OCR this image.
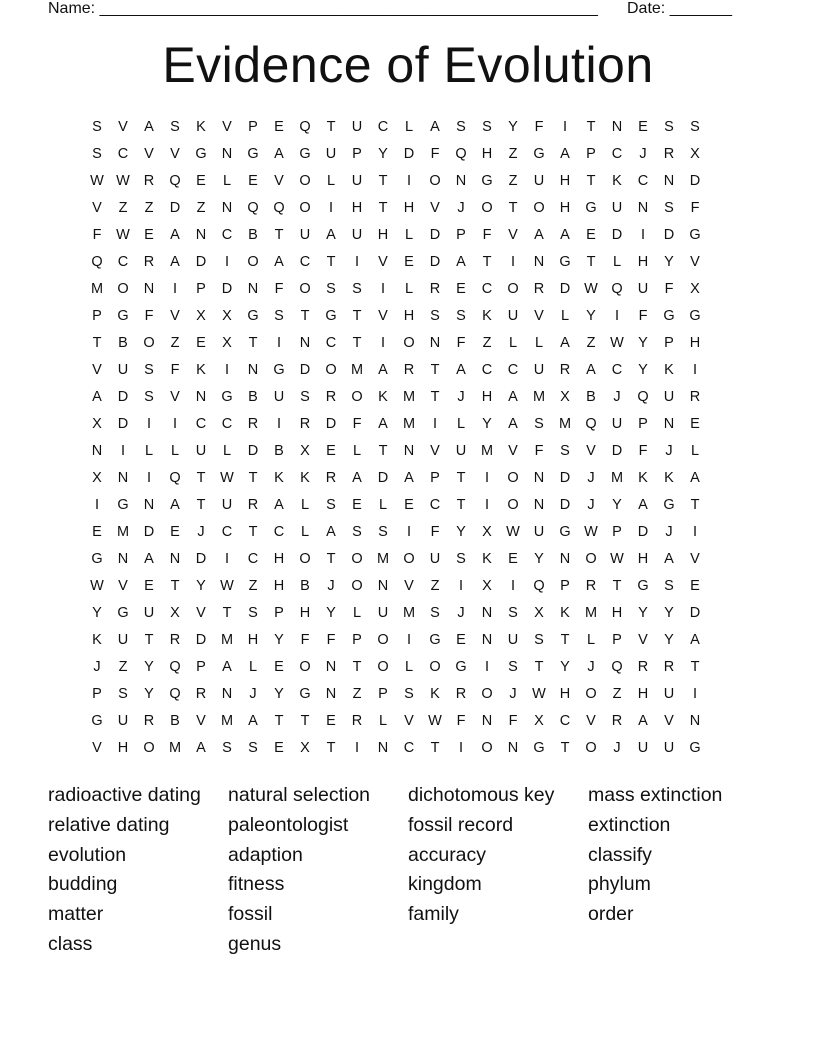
Name: ________________________________________________________ Date: _______
Evidence of Evolution
S	V	A	S	K	V	P	E	Q	T	U	C	L	A	S	S	Y	F	I	T	N	E	S	S
S	C	V	V	G	N	G	A	G	U	P	Y	D	F	Q	H	Z	G	A	P	C	J	R	X
W W R	Q	E	L	E	V	O	L	U	T	I	O	N	G	Z	U	H	T	K	C	N	D
V	Z	Z	D	Z	N	Q	Q	O	I	H	T	H	V	J	O	T	O	H	G	U	N	S	F
F	W E	A	N	C	B	T	U	A	U	H	L	D	P	F	V	A	A	E	D	I	D	G
Q	C	R	A	D	I	O	A	C	T	I	V	E	D	A	T	I	N	G	T	L	H	Y	V
M O	N	I	P	D	N	F	O	S	S	I	L	R	E	C	O	R	D W Q	U	F	X
P	G	F	V	X	X	G	S	T	G	T	V	H	S	S	K	U	V	L	Y	I	F	G	G
T	B	O	Z	E	X	T	I	N	C	T	I	O	N	F	Z	L	L	A	Z	W Y	P	H
V	U	S	F	K	I	N	G	D	O M	A	R	T	A	C	C	U	R	A	C	Y	K	I
A	D	S	V	N	G	B	U	S	R	O	K	M	T	J	H	A	M	X	B	J	Q	U	R
X	D	I	I	C	C	R	I	R	D	F	A	M	I	L	Y	A	S	M Q	U	P	N	E
N	I	L	L	U	L	D	B	X	E	L	T	N	V	U	M	V	F	S	V	D	F	J	L
X	N	I	Q	T	W	T	K	K	R	A	D	A	P	T	I	O	N	D	J	M	K	K	A
I	G	N	A	T	U	R	A	L	S	E	L	E	C	T	I	O	N	D	J	Y	A	G	T
E	M	D	E	J	C	T	C	L	A	S	S	I	F	Y	X W U	G W P	D	J	I
G	N	A	N	D	I	C	H	O	T	O M O	U	S	K	E	Y	N	O W H	A	V
W V	E	T	Y W	Z	H	B	J	O	N	V	Z	I	X	I	Q	P	R	T	G	S	E
Y	G	U	X	V	T	S	P	H	Y	L	U	M	S	J	N	S	X	K	M	H	Y	Y	D
K	U	T	R	D	M	H	Y	F	F	P	O	I	G	E	N	U	S	T	L	P	V	Y	A
J	Z	Y	Q	P	A	L	E	O	N	T	O	L	O	G	I	S	T	Y	J	Q	R	R	T
P	S	Y	Q	R	N	J	Y	G	N	Z	P	S	K	R	O	J	W H	O	Z	H	U	I
G	U	R	B	V	M	A	T	T	E	R	L	V W	F	N	F	X	C	V	R	A	V	N
V	H	O M	A	S	S	E	X	T	I	N	C	T	I	O	N	G	T	O	J	U	U	G
radioactive dating
relative dating
evolution
budding
matter
class
natural selection
paleontologist
adaption
fitness
fossil
genus
dichotomous key
fossil record
accuracy
kingdom
family
mass extinction
extinction
classify
phylum
order
